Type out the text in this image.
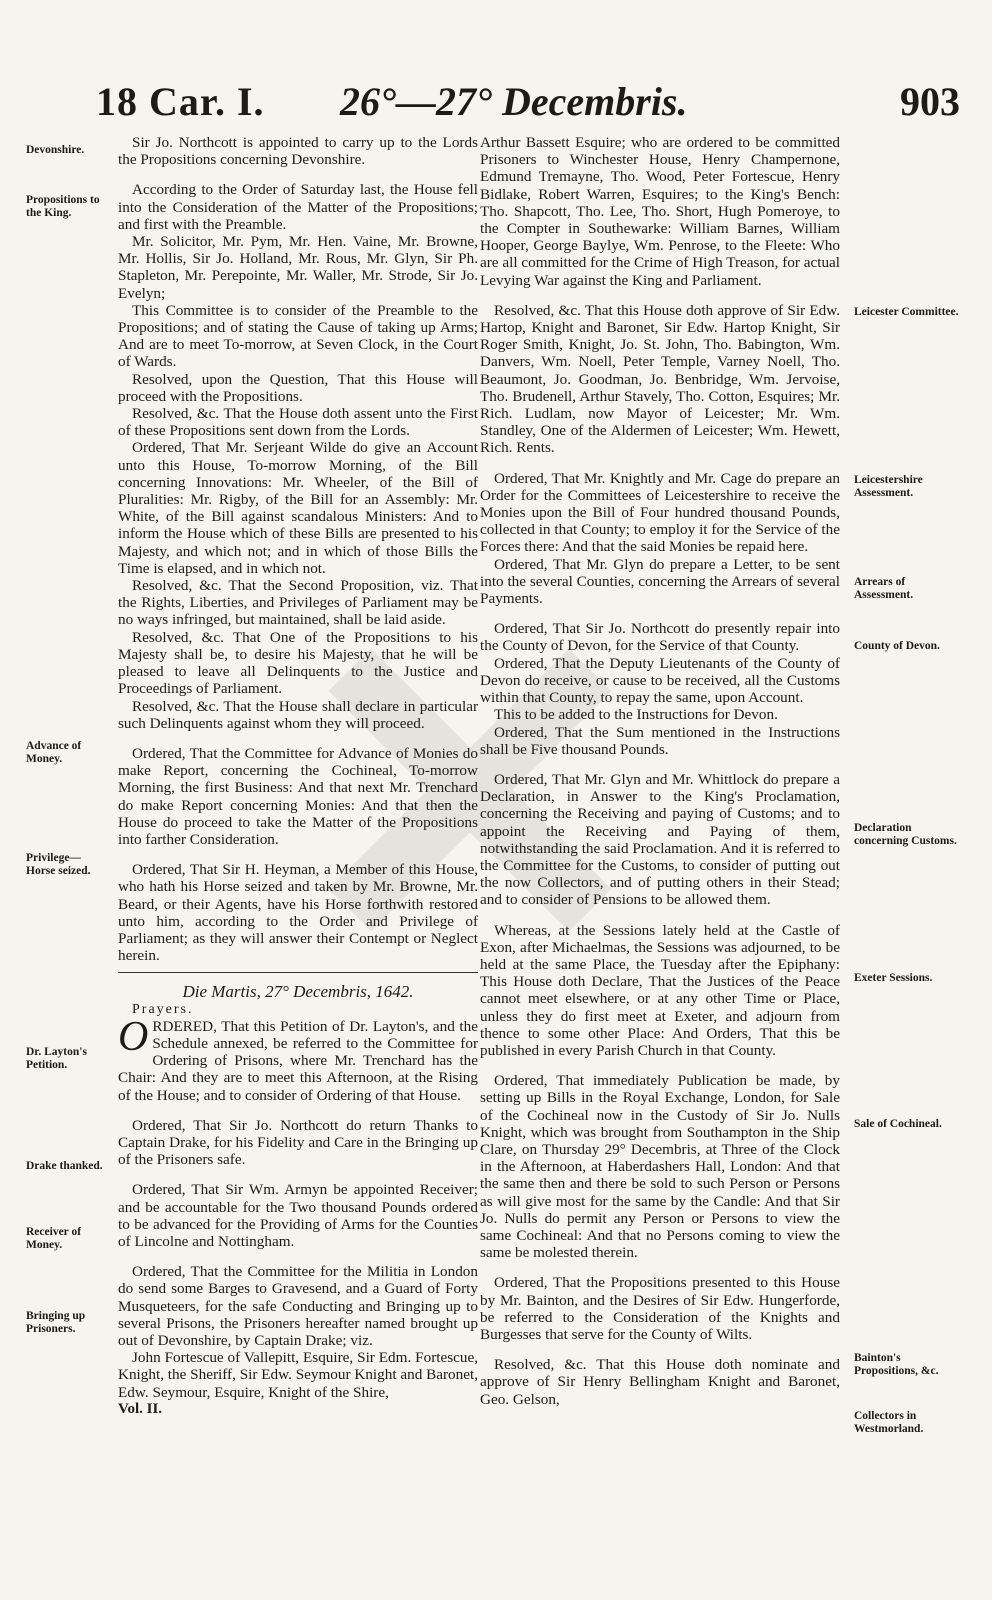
18 Car. I. 26°—27° Decembris.	903
Devonshire.
Propositions to the King.
Advance of Money.
Privilege—Horse seized.
Dr. Layton's Petition.
Drake thanked.
Receiver of Money.
Bringing up Prisoners.
Leicester Committee.
Leicestershire Assessment.
Arrears of Assessment.
County of Devon.
Declaration concerning Customs.
Exeter Sessions.
Sale of Cochineal.
Bainton's Propositions, &c.
Collectors in Westmorland.

Sir Jo. Northcott is appointed to carry up to the Lords the Propositions concerning Devonshire.

According to the Order of Saturday last, the House fell into the Consideration of the Matter of the Propositions; and first with the Preamble.

Mr. Solicitor, Mr. Pym, Mr. Hen. Vaine, Mr. Browne, Mr. Hollis, Sir Jo. Holland, Mr. Rous, Mr. Glyn, Sir Ph. Stapleton, Mr. Perepointe, Mr. Waller, Mr. Strode, Sir Jo. Evelyn;

This Committee is to consider of the Preamble to the Propositions; and of stating the Cause of taking up Arms; And are to meet To-morrow, at Seven Clock, in the Court of Wards.

Resolved, upon the Question, That this House will proceed with the Propositions.

Resolved, &c. That the House doth assent unto the First of these Propositions sent down from the Lords.

Ordered, That Mr. Serjeant Wilde do give an Account unto this House, To-morrow Morning, of the Bill concerning Innovations: Mr. Wheeler, of the Bill of Pluralities: Mr. Rigby, of the Bill for an Assembly: Mr. White, of the Bill against scandalous Ministers: And to inform the House which of these Bills are presented to his Majesty, and which not; and in which of those Bills the Time is elapsed, and in which not.

Resolved, &c. That the Second Proposition, viz. That the Rights, Liberties, and Privileges of Parliament may be no ways infringed, but maintained, shall be laid aside.

Resolved, &c. That One of the Propositions to his Majesty shall be, to desire his Majesty, that he will be pleased to leave all Delinquents to the Justice and Proceedings of Parliament.

Resolved, &c. That the House shall declare in particular such Delinquents against whom they will proceed.

Ordered, That the Committee for Advance of Monies do make Report, concerning the Cochineal, To-morrow Morning, the first Business: And that next Mr. Trenchard do make Report concerning Monies: And that then the House do proceed to take the Matter of the Propositions into farther Consideration.

Ordered, That Sir H. Heyman, a Member of this House, who hath his Horse seized and taken by Mr. Browne, Mr. Beard, or their Agents, have his Horse forthwith restored unto him, according to the Order and Privilege of Parliament; as they will answer their Contempt or Neglect herein.

Die Martis, 27° Decembris, 1642.

Prayers.

ORDERED, That this Petition of Dr. Layton's, and the Schedule annexed, be referred to the Committee for Ordering of Prisons, where Mr. Trenchard has the Chair: And they are to meet this Afternoon, at the Rising of the House; and to consider of Ordering of that House.

Ordered, That Sir Jo. Northcott do return Thanks to Captain Drake, for his Fidelity and Care in the Bringing up of the Prisoners safe.

Ordered, That Sir Wm. Armyn be appointed Receiver; and be accountable for the Two thousand Pounds ordered to be advanced for the Providing of Arms for the Counties of Lincolne and Nottingham.

Ordered, That the Committee for the Militia in London do send some Barges to Gravesend, and a Guard of Forty Musqueteers, for the safe Conducting and Bringing up to several Prisons, the Prisoners hereafter named brought up out of Devonshire, by Captain Drake; viz.

John Fortescue of Vallepitt, Esquire, Sir Edm. Fortescue, Knight, the Sheriff, Sir Edw. Seymour Knight and Baronet, Edw. Seymour, Esquire, Knight of the Shire,

Vol. II.

Arthur Bassett Esquire; who are ordered to be committed Prisoners to Winchester House, Henry Champernone, Edmund Tremayne, Tho. Wood, Peter Fortescue, Henry Bidlake, Robert Warren, Esquires; to the King's Bench: Tho. Shapcott, Tho. Lee, Tho. Short, Hugh Pomeroye, to the Compter in Southewarke: William Barnes, William Hooper, George Baylye, Wm. Penrose, to the Fleete: Who are all committed for the Crime of High Treason, for actual Levying War against the King and Parliament.

Resolved, &c. That this House doth approve of Sir Edw. Hartop, Knight and Baronet, Sir Edw. Hartop Knight, Sir Roger Smith, Knight, Jo. St. John, Tho. Babington, Wm. Danvers, Wm. Noell, Peter Temple, Varney Noell, Tho. Beaumont, Jo. Goodman, Jo. Benbridge, Wm. Jervoise, Tho. Brudenell, Arthur Stavely, Tho. Cotton, Esquires; Mr. Rich. Ludlam, now Mayor of Leicester; Mr. Wm. Standley, One of the Aldermen of Leicester; Wm. Hewett, Rich. Rents.

Ordered, That Mr. Knightly and Mr. Cage do prepare an Order for the Committees of Leicestershire to receive the Monies upon the Bill of Four hundred thousand Pounds, collected in that County; to employ it for the Service of the Forces there: And that the said Monies be repaid here.

Ordered, That Mr. Glyn do prepare a Letter, to be sent into the several Counties, concerning the Arrears of several Payments.

Ordered, That Sir Jo. Northcott do presently repair into the County of Devon, for the Service of that County.

Ordered, That the Deputy Lieutenants of the County of Devon do receive, or cause to be received, all the Customs within that County, to repay the same, upon Account.

This to be added to the Instructions for Devon.

Ordered, That the Sum mentioned in the Instructions shall be Five thousand Pounds.

Ordered, That Mr. Glyn and Mr. Whittlock do prepare a Declaration, in Answer to the King's Proclamation, concerning the Receiving and paying of Customs; and to appoint the Receiving and Paying of them, notwithstanding the said Proclamation. And it is referred to the Committee for the Customs, to consider of putting out the now Collectors, and of putting others in their Stead; and to consider of Pensions to be allowed them.

Whereas, at the Sessions lately held at the Castle of Exon, after Michaelmas, the Sessions was adjourned, to be held at the same Place, the Tuesday after the Epiphany: This House doth Declare, That the Justices of the Peace cannot meet elsewhere, or at any other Time or Place, unless they do first meet at Exeter, and adjourn from thence to some other Place: And Orders, That this be published in every Parish Church in that County.

Ordered, That immediately Publication be made, by setting up Bills in the Royal Exchange, London, for Sale of the Cochineal now in the Custody of Sir Jo. Nulls Knight, which was brought from Southampton in the Ship Clare, on Thursday 29° Decembris, at Three of the Clock in the Afternoon, at Haberdashers Hall, London: And that the same then and there be sold to such Person or Persons as will give most for the same by the Candle: And that Sir Jo. Nulls do permit any Person or Persons to view the same Cochineal: And that no Persons coming to view the same be molested therein.

Ordered, That the Propositions presented to this House by Mr. Bainton, and the Desires of Sir Edw. Hungerforde, be referred to the Consideration of the Knights and Burgesses that serve for the County of Wilts.

Resolved, &c. That this House doth nominate and approve of Sir Henry Bellingham Knight and Baronet, Geo. Gelson,
